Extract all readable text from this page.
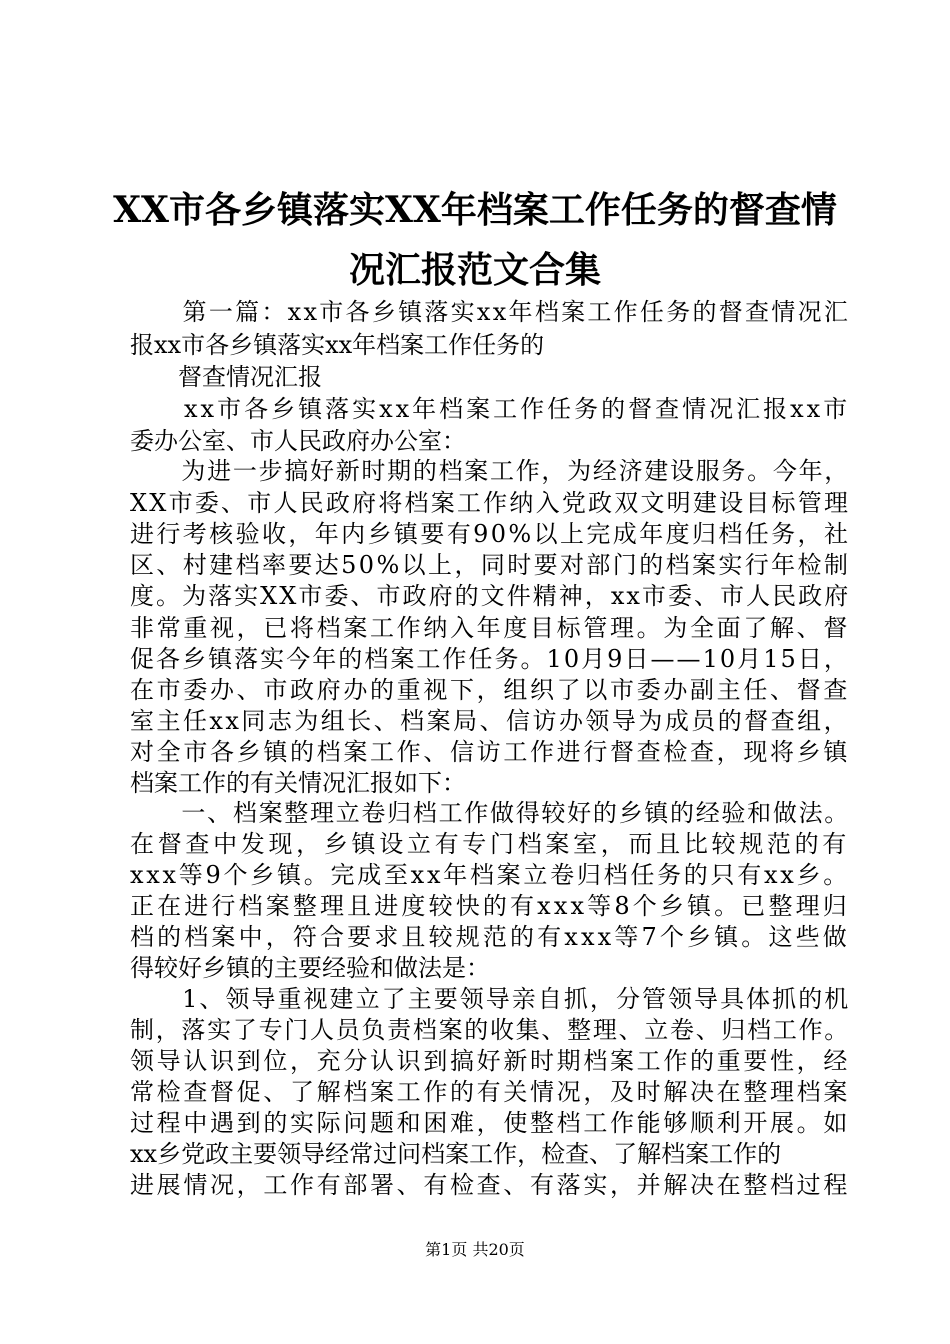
XX市各乡镇落实XX年档案工作任务的督查情
况汇报范文合集
　　第一篇：xx市各乡镇落实xx年档案工作任务的督查情况汇
报xx市各乡镇落实xx年档案工作任务的
　　督查情况汇报
　　xx市各乡镇落实xx年档案工作任务的督查情况汇报xx市
委办公室、市人民政府办公室：
　　为进一步搞好新时期的档案工作，为经济建设服务。今年，
XX市委、市人民政府将档案工作纳入党政双文明建设目标管理
进行考核验收，年内乡镇要有90%以上完成年度归档任务，社
区、村建档率要达50%以上，同时要对部门的档案实行年检制
度。为落实XX市委、市政府的文件精神，xx市委、市人民政府
非常重视，已将档案工作纳入年度目标管理。为全面了解、督
促各乡镇落实今年的档案工作任务。10月9日——10月15日，
在市委办、市政府办的重视下，组织了以市委办副主任、督查
室主任xx同志为组长、档案局、信访办领导为成员的督查组，
对全市各乡镇的档案工作、信访工作进行督查检查，现将乡镇
档案工作的有关情况汇报如下：
　　一、档案整理立卷归档工作做得较好的乡镇的经验和做法。
在督查中发现，乡镇设立有专门档案室，而且比较规范的有
xxx等9个乡镇。完成至xx年档案立卷归档任务的只有xx乡。
正在进行档案整理且进度较快的有xxx等8个乡镇。已整理归
档的档案中，符合要求且较规范的有xxx等7个乡镇。这些做
得较好乡镇的主要经验和做法是：
　　1、领导重视建立了主要领导亲自抓，分管领导具体抓的机
制，落实了专门人员负责档案的收集、整理、立卷、归档工作。
领导认识到位，充分认识到搞好新时期档案工作的重要性，经
常检查督促、了解档案工作的有关情况，及时解决在整理档案
过程中遇到的实际问题和困难，使整档工作能够顺利开展。如
xx乡党政主要领导经常过问档案工作，检查、了解档案工作的
进展情况，工作有部署、有检查、有落实，并解决在整档过程
第1页 共20页
